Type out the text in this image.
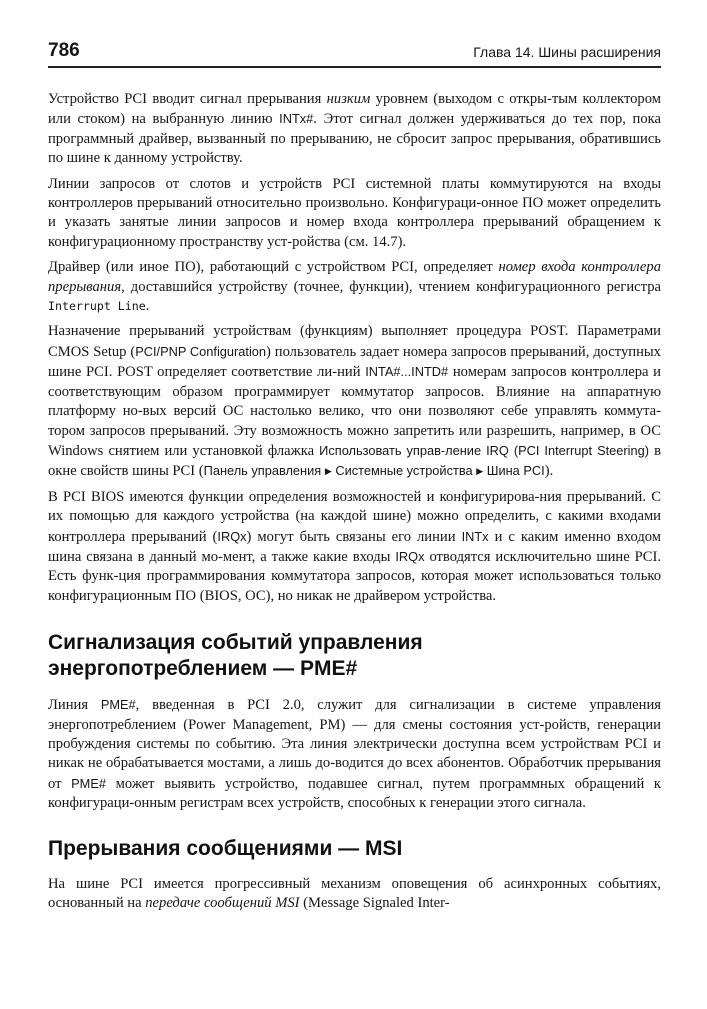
786	Глава 14. Шины расширения

Устройство PCI вводит сигнал прерывания низким уровнем (выходом с откры-тым коллектором или стоком) на выбранную линию INTx#. Этот сигнал должен удерживаться до тех пор, пока программный драйвер, вызванный по прерыванию, не сбросит запрос прерывания, обратившись по шине к данному устройству.

Линии запросов от слотов и устройств PCI системной платы коммутируются на входы контроллеров прерываний относительно произвольно. Конфигураци-онное ПО может определить и указать занятые линии запросов и номер входа контроллера прерываний обращением к конфигурационному пространству уст-ройства (см. 14.7).

Драйвер (или иное ПО), работающий с устройством PCI, определяет номер входа контроллера прерывания, доставшийся устройству (точнее, функции), чтением конфигурационного регистра Interrupt Line.

Назначение прерываний устройствам (функциям) выполняет процедура POST. Параметрами CMOS Setup (PCI/PNP Configuration) пользователь задает номера запросов прерываний, доступных шине PCI. POST определяет соответствие ли-ний INTA#...INTD# номерам запросов контроллера и соответствующим образом программирует коммутатор запросов. Влияние на аппаратную платформу но-вых версий ОС настолько велико, что они позволяют себе управлять коммута-тором запросов прерываний. Эту возможность можно запретить или разрешить, например, в ОС Windows снятием или установкой флажка Использовать управ-ление IRQ (PCI Interrupt Steering) в окне свойств шины PCI (Панель управления ▶ Системные устройства ▶ Шина PCI).

В PCI BIOS имеются функции определения возможностей и конфигурирова-ния прерываний. С их помощью для каждого устройства (на каждой шине) можно определить, с какими входами контроллера прерываний (IRQx) могут быть связаны его линии INTx и с каким именно входом шина связана в данный мо-мент, а также какие входы IRQx отводятся исключительно шине PCI. Есть функ-ция программирования коммутатора запросов, которая может использоваться только конфигурационным ПО (BIOS, ОС), но никак не драйвером устройства.

Сигнализация событий управления
энергопотреблением — PME#

Линия PME#, введенная в PCI 2.0, служит для сигнализации в системе управления энергопотреблением (Power Management, PM) — для смены состояния уст-ройств, генерации пробуждения системы по событию. Эта линия электрически доступна всем устройствам PCI и никак не обрабатывается мостами, а лишь до-водится до всех абонентов. Обработчик прерывания от PME# может выявить устройство, подавшее сигнал, путем программных обращений к конфигураци-онным регистрам всех устройств, способных к генерации этого сигнала.

Прерывания сообщениями — MSI

На шине PCI имеется прогрессивный механизм оповещения об асинхронных событиях, основанный на передаче сообщений MSI (Message Signaled Inter-
